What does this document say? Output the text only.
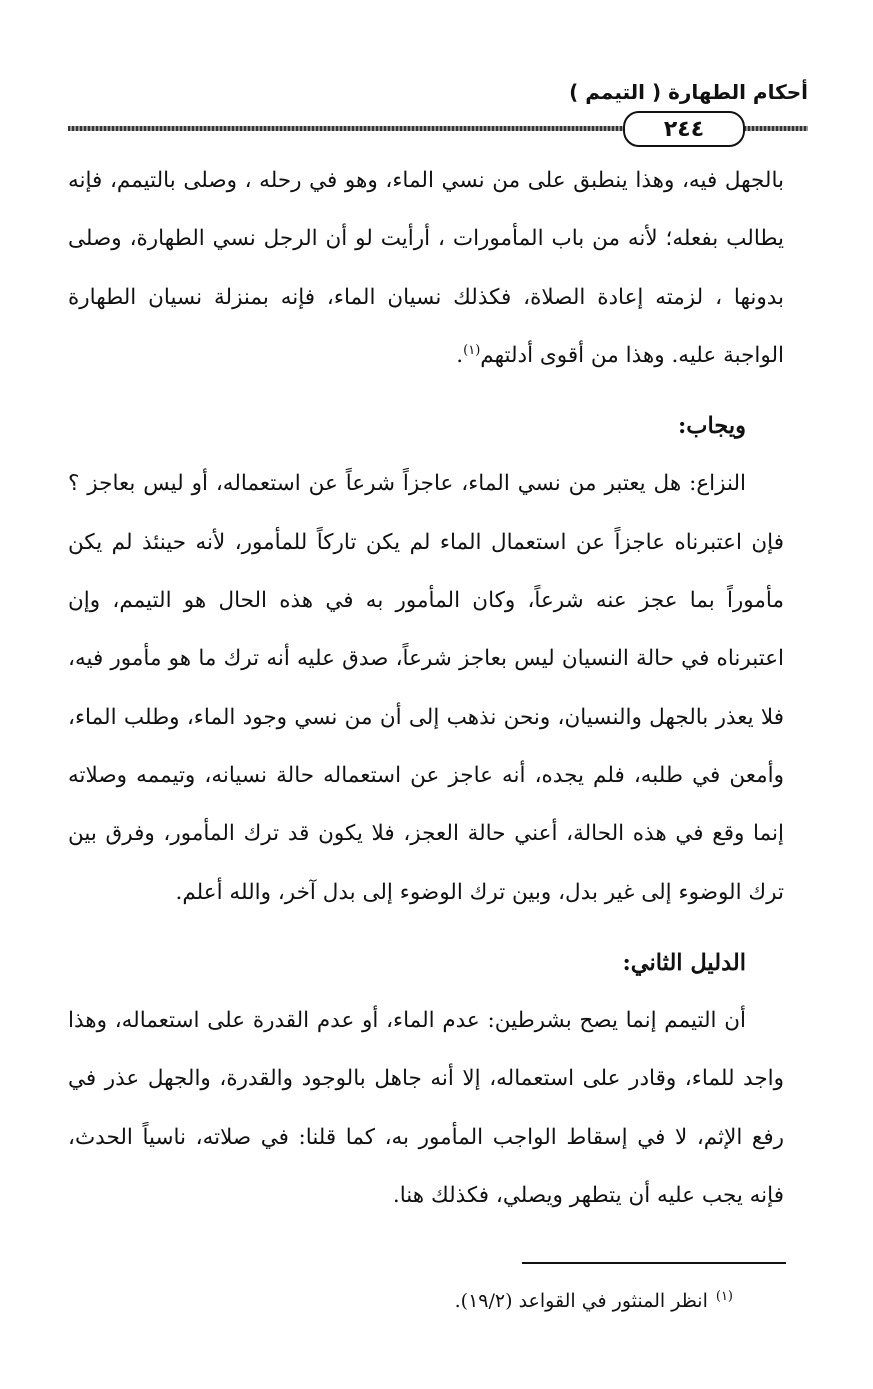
أحكام الطهارة ( التيمم )
٢٤٤

بالجهل فيه، وهذا ينطبق على من نسي الماء، وهو في رحله ، وصلى بالتيمم، فإنه يطالب بفعله؛ لأنه من باب المأمورات ، أرأيت لو أن الرجل نسي الطهارة، وصلى بدونها ، لزمته إعادة الصلاة، فكذلك نسيان الماء، فإنه بمنزلة نسيان الطهارة الواجبة عليه. وهذا من أقوى أدلتهم$^{(١)}$.

ويجاب:

النزاع: هل يعتبر من نسي الماء، عاجزاً شرعاً عن استعماله، أو ليس بعاجز ؟ فإن اعتبرناه عاجزاً عن استعمال الماء لم يكن تاركاً للمأمور، لأنه حينئذ لم يكن مأموراً بما عجز عنه شرعاً، وكان المأمور به في هذه الحال هو التيمم، وإن اعتبرناه في حالة النسيان ليس بعاجز شرعاً، صدق عليه أنه ترك ما هو مأمور فيه، فلا يعذر بالجهل والنسيان، ونحن نذهب إلى أن من نسي وجود الماء، وطلب الماء، وأمعن في طلبه، فلم يجده، أنه عاجز عن استعماله حالة نسيانه، وتيممه وصلاته إنما وقع في هذه الحالة، أعني حالة العجز، فلا يكون قد ترك المأمور، وفرق بين ترك الوضوء إلى غير بدل، وبين ترك الوضوء إلى بدل آخر، والله أعلم.

الدليل الثاني:

أن التيمم إنما يصح بشرطين: عدم الماء، أو عدم القدرة على استعماله، وهذا واجد للماء، وقادر على استعماله، إلا أنه جاهل بالوجود والقدرة، والجهل عذر في رفع الإثم، لا في إسقاط الواجب المأمور به، كما قلنا: في صلاته، ناسياً الحدث، فإنه يجب عليه أن يتطهر ويصلي، فكذلك هنا.

$^{(١)}$انظر المنثور في القواعد (١٩/٢).
